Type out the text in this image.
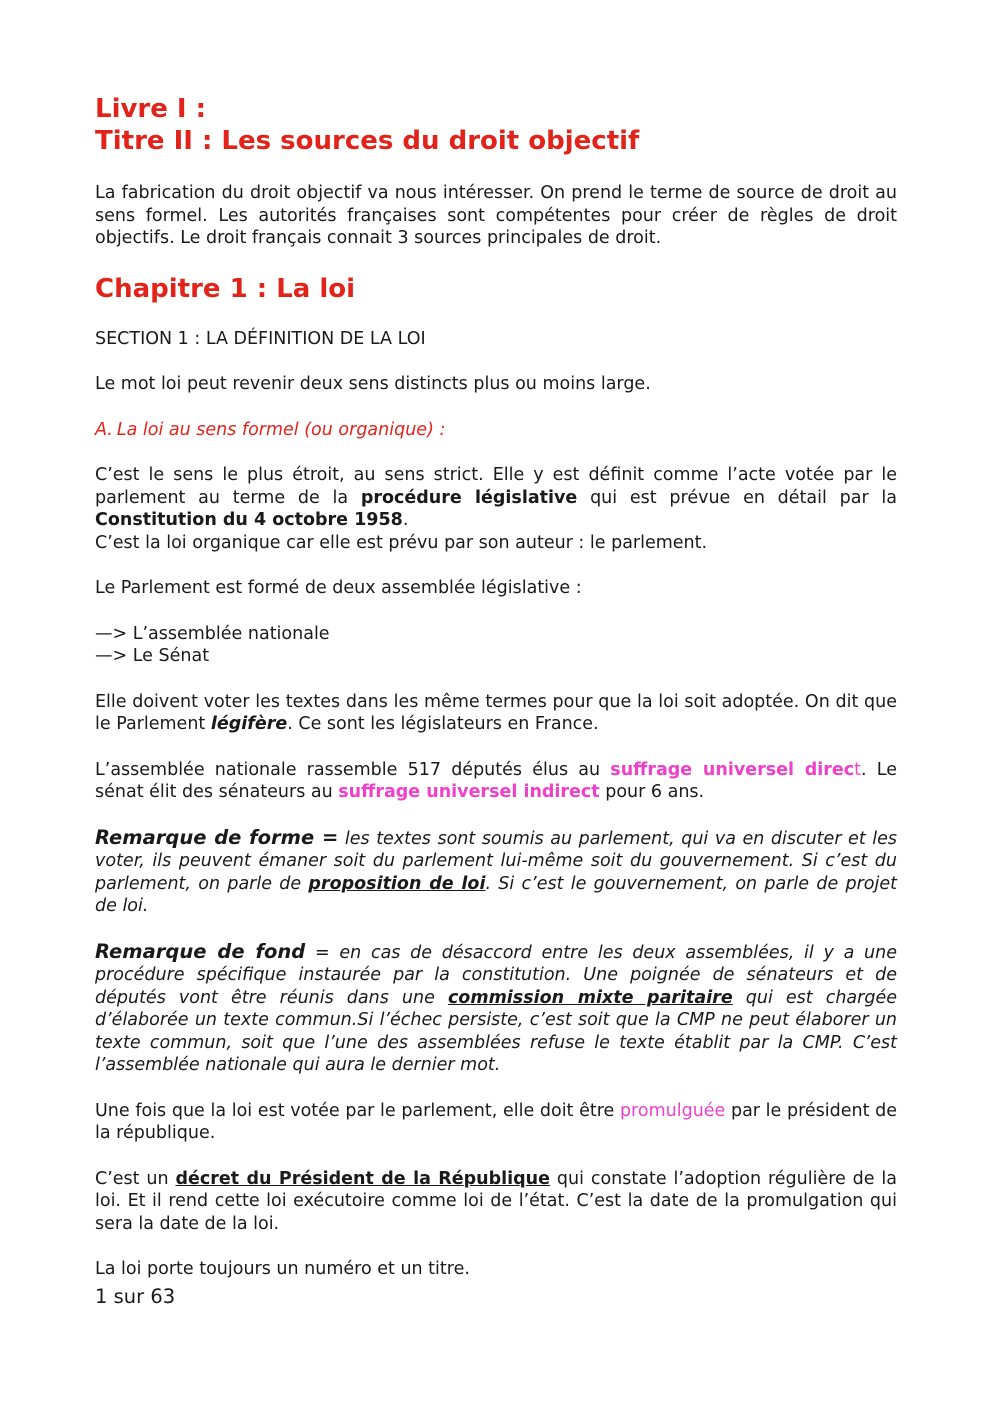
Livre I :
Titre II : Les sources du droit objectif

La fabrication du droit objectif va nous intéresser. On prend le terme de source de droit au sens formel. Les autorités françaises sont compétentes pour créer de règles de droit objectifs. Le droit français connait 3 sources principales de droit.

Chapitre 1 : La loi

SECTION 1 : LA DÉFINITION DE LA LOI

Le mot loi peut revenir deux sens distincts plus ou moins large.

A. La loi au sens formel (ou organique) :

C’est le sens le plus étroit, au sens strict. Elle y est définit comme l’acte votée par le parlement au terme de la procédure législative qui est prévue en détail par la Constitution du 4 octobre 1958.

C’est la loi organique car elle est prévu par son auteur : le parlement.

Le Parlement est formé de deux assemblée législative :

—> L’assemblée nationale

—> Le Sénat

Elle doivent voter les textes dans les même termes pour que la loi soit adoptée. On dit que le Parlement légifère. Ce sont les législateurs en France.

L’assemblée nationale rassemble 517 députés élus au suffrage universel direct. Le sénat élit des sénateurs au suffrage universel indirect pour 6 ans.

Remarque de forme = les textes sont soumis au parlement, qui va en discuter et les voter, ils peuvent émaner soit du parlement lui-même soit du gouvernement. Si c’est du parlement, on parle de proposition de loi. Si c’est le gouvernement, on parle de projet de loi.

Remarque de fond = en cas de désaccord entre les deux assemblées, il y a une procédure spécifique instaurée par la constitution. Une poignée de sénateurs et de députés vont être réunis dans une commission mixte paritaire qui est chargée d’élaborée un texte commun.Si l’échec persiste, c’est soit que la CMP ne peut élaborer un texte commun, soit que l’une des assemblées refuse le texte établit par la CMP. C’est l’assemblée nationale qui aura le dernier mot.

Une fois que la loi est votée par le parlement, elle doit être promulguée par le président de la république.

C’est un décret du Président de la République qui constate l’adoption régulière de la loi. Et il rend cette loi exécutoire comme loi de l’état. C’est la date de la promulgation qui sera la date de la loi.

La loi porte toujours un numéro et un titre.

1 sur 63
